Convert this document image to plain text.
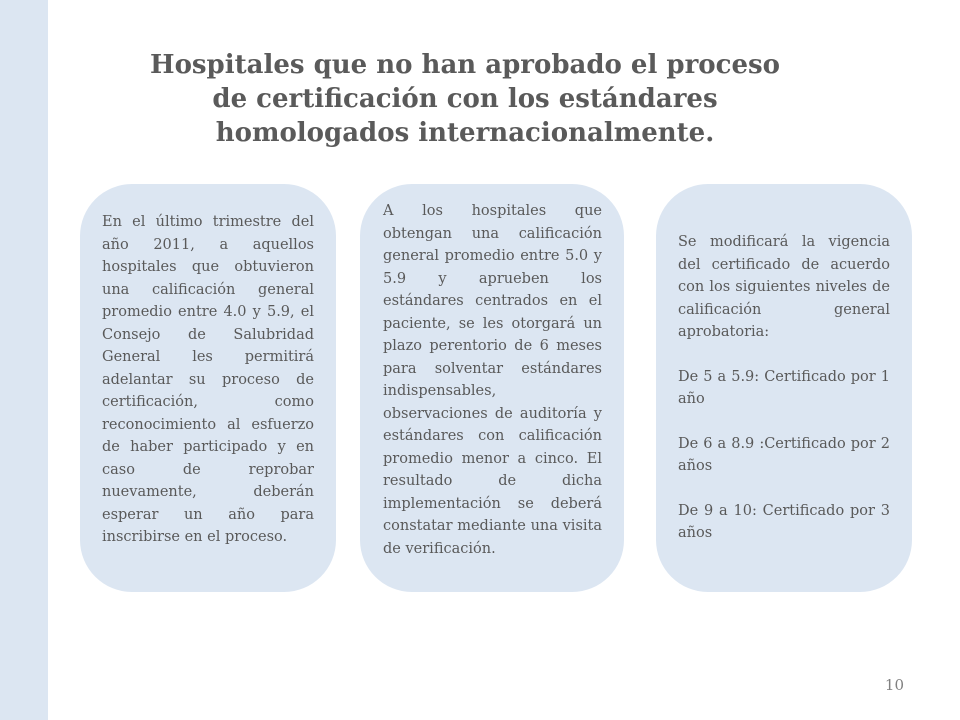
Hospitales que no han aprobado el proceso
de certificación con los estándares
homologados internacionalmente.

En el último trimestre del año 2011, a aquellos hospitales que obtuvieron una calificación general promedio entre 4.0 y 5.9, el Consejo de Salubridad General les permitirá adelantar su proceso de certificación, como reconocimiento al esfuerzo de haber participado y en caso de reprobar nuevamente, deberán esperar un año para inscribirse en el proceso.

A los hospitales que obtengan una calificación general promedio entre 5.0 y 5.9 y aprueben los estándares centrados en el paciente, se les otorgará un plazo perentorio de 6 meses para solventar estándares indispensables, observaciones de auditoría y estándares con calificación promedio menor a cinco. El resultado de dicha implementación se deberá constatar mediante una visita de verificación.

Se modificará la vigencia del certificado de acuerdo con los siguientes niveles de calificación general aprobatoria:

De 5 a 5.9: Certificado por 1 año

De 6 a 8.9 :Certificado por 2 años

De 9 a 10: Certificado por 3 años

10
